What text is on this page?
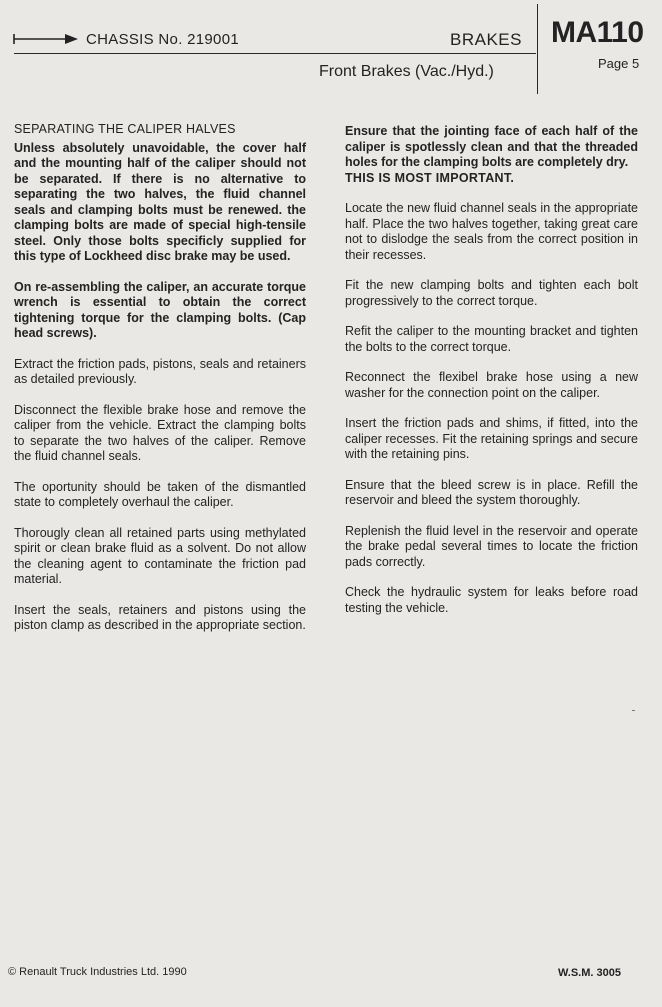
CHASSIS No. 219001	BRAKES MA110
Page 5
Front Brakes (Vac./Hyd.)

SEPARATING THE CALIPER HALVES

Unless absolutely unavoidable, the cover half and the mounting half of the caliper should not be separated. If there is no alternative to separating the two halves, the fluid channel seals and clamping bolts must be renewed. the clamping bolts are made of special high-tensile steel. Only those bolts specificly supplied for this type of Lockheed disc brake may be used.

On re-assembling the caliper, an accurate torque wrench is essential to obtain the correct tightening torque for the clamping bolts. (Cap head screws).

Extract the friction pads, pistons, seals and retainers as detailed previously.

Disconnect the flexible brake hose and remove the caliper from the vehicle. Extract the clamping bolts to separate the two halves of the caliper. Remove the fluid channel seals.

The oportunity should be taken of the dismantled state to completely overhaul the caliper.

Thorougly clean all retained parts using methylated spirit or clean brake fluid as a solvent. Do not allow the cleaning agent to contaminate the friction pad material.

Insert the seals, retainers and pistons using the piston clamp as described in the appropriate section.

Ensure that the jointing face of each half of the caliper is spotlessly clean and that the threaded holes for the clamping bolts are completely dry.
THIS IS MOST IMPORTANT.

Locate the new fluid channel seals in the appropriate half. Place the two halves together, taking great care not to dislodge the seals from the correct position in their recesses.

Fit the new clamping bolts and tighten each bolt progressively to the correct torque.

Refit the caliper to the mounting bracket and tighten the bolts to the correct torque.

Reconnect the flexibel brake hose using a new washer for the connection point on the caliper.

Insert the friction pads and shims, if fitted, into the caliper recesses. Fit the retaining springs and secure with the retaining pins.

Ensure that the bleed screw is in place. Refill the reservoir and bleed the system thoroughly.

Replenish the fluid level in the reservoir and operate the brake pedal several times to locate the friction pads correctly.

Check the hydraulic system for leaks before road testing the vehicle.

© Renault Truck Industries Ltd. 1990	W.S.M. 3005
